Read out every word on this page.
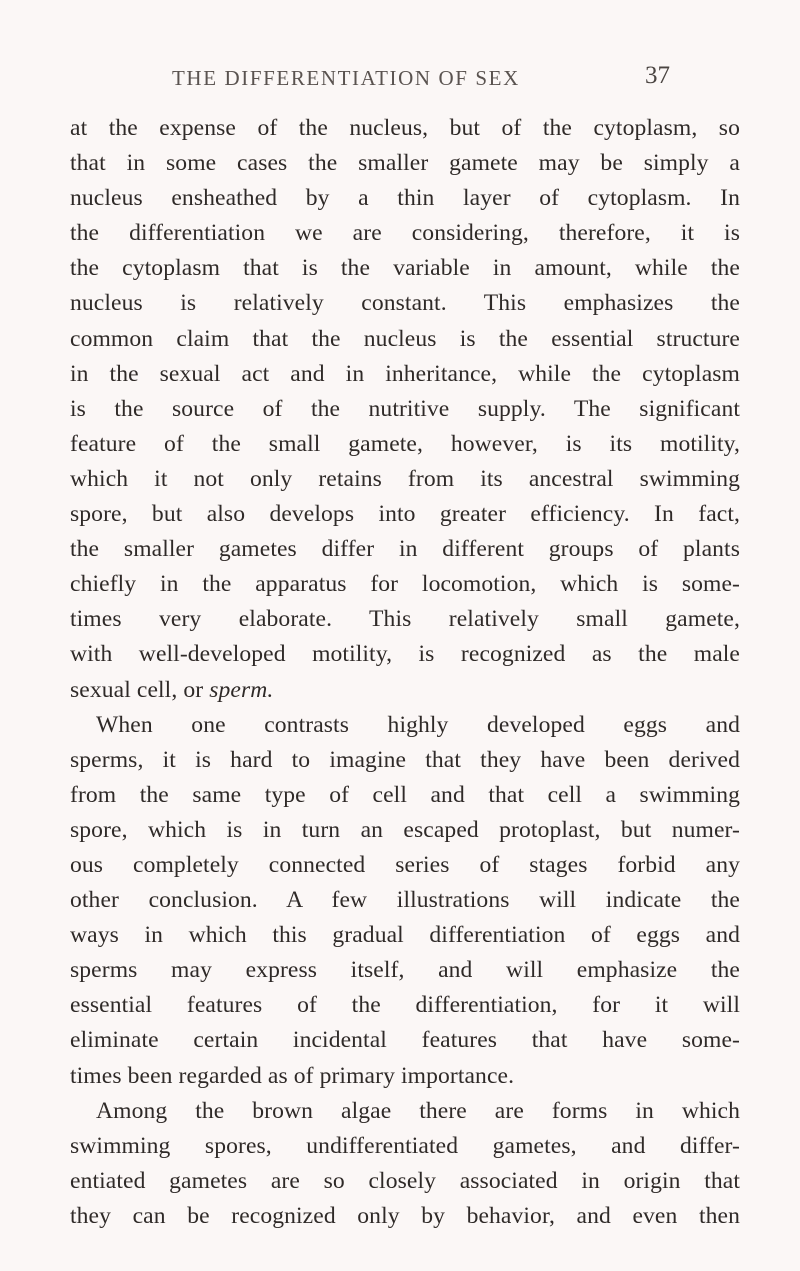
THE DIFFERENTIATION OF SEX	37
at the expense of the nucleus, but of the cytoplasm, so
that in some cases the smaller gamete may be simply a
nucleus ensheathed by a thin layer of cytoplasm. In
the differentiation we are considering, therefore, it is
the cytoplasm that is the variable in amount, while the
nucleus is relatively constant. This emphasizes the
common claim that the nucleus is the essential structure
in the sexual act and in inheritance, while the cytoplasm
is the source of the nutritive supply. The significant
feature of the small gamete, however, is its motility,
which it not only retains from its ancestral swimming
spore, but also develops into greater efficiency. In fact,
the smaller gametes differ in different groups of plants
chiefly in the apparatus for locomotion, which is some-
times very elaborate. This relatively small gamete,
with well-developed motility, is recognized as the male
sexual cell, or sperm.
When one contrasts highly developed eggs and
sperms, it is hard to imagine that they have been derived
from the same type of cell and that cell a swimming
spore, which is in turn an escaped protoplast, but numer-
ous completely connected series of stages forbid any
other conclusion. A few illustrations will indicate the
ways in which this gradual differentiation of eggs and
sperms may express itself, and will emphasize the
essential features of the differentiation, for it will
eliminate certain incidental features that have some-
times been regarded as of primary importance.
Among the brown algae there are forms in which
swimming spores, undifferentiated gametes, and differ-
entiated gametes are so closely associated in origin that
they can be recognized only by behavior, and even then
